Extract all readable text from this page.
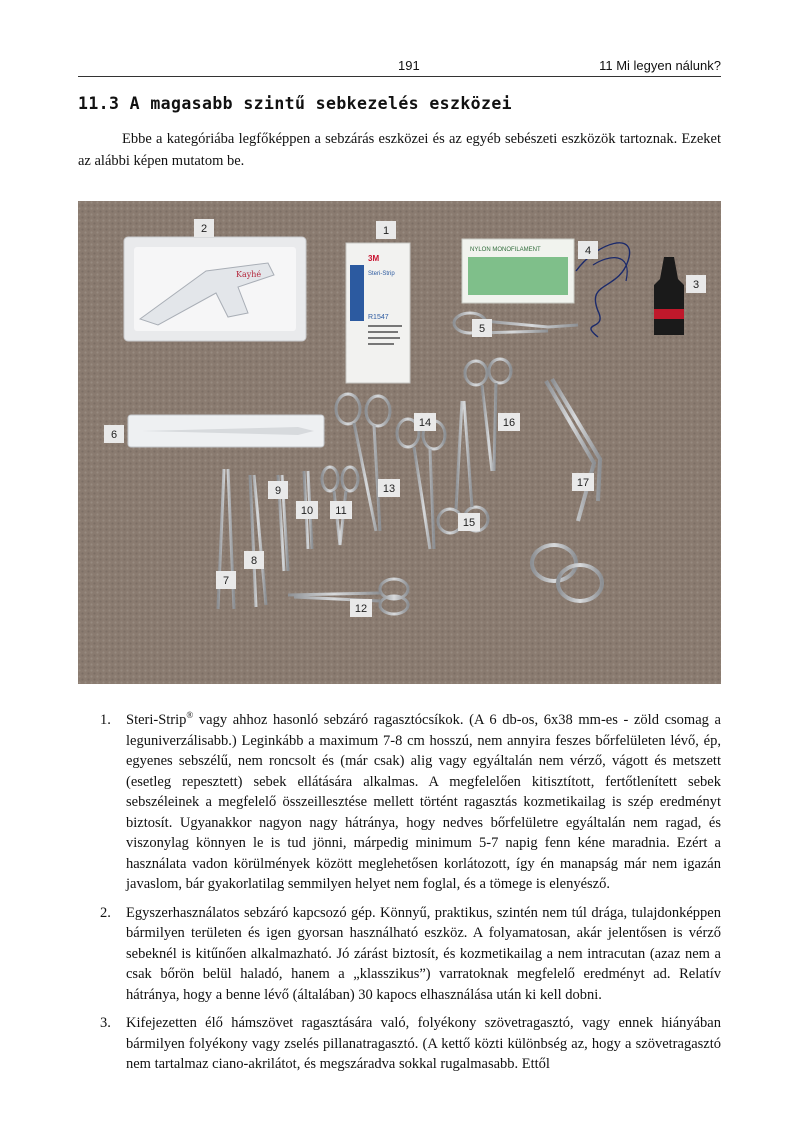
191	11 Mi legyen nálunk?
11.3 A magasabb szintű sebkezelés eszközei

Ebbe a kategóriába legfőképpen a sebzárás eszközei és az egyéb sebészeti eszközök tartoznak. Ezeket az alábbi képen mutatom be.

Kayhé
3M
Steri-Strip
R1547
NYLON MONOFILAMENT
1
2
3
4
5
6
7
8
9
10 11
12
13
14
15
16
17
1. Steri-Strip® vagy ahhoz hasonló sebzáró ragasztócsíkok. (A 6 db-os, 6x38 mm-es - zöld csomag a leguniverzálisabb.) Leginkább a maximum 7-8 cm hosszú, nem annyira feszes bőrfelületen lévő, ép, egyenes sebszélű, nem roncsolt és (már csak) alig vagy egyáltalán nem vérző, vágott és metszett (esetleg repesztett) sebek ellátására alkalmas. A megfelelően kitisztított, fertőtlenített sebek sebszéleinek a megfelelő összeillesztése mellett történt ragasztás kozmetikailag is szép eredményt biztosít. Ugyanakkor nagyon nagy hátránya, hogy nedves bőrfelületre egyáltalán nem ragad, és viszonylag könnyen le is tud jönni, márpedig minimum 5-7 napig fenn kéne maradnia. Ezért a használata vadon körülmények között meglehetősen korlátozott, így én manapság már nem igazán javaslom, bár gyakorlatilag semmilyen helyet nem foglal, és a tömege is elenyésző.
2. Egyszerhasználatos sebzáró kapcsozó gép. Könnyű, praktikus, szintén nem túl drága, tulajdonképpen bármilyen területen és igen gyorsan használható eszköz. A folyamatosan, akár jelentősen is vérző sebeknél is kitűnően alkalmazható. Jó zárást biztosít, és kozmetikailag a nem intracutan (azaz nem a csak bőrön belül haladó, hanem a „klasszikus”) varratoknak megfelelő eredményt ad. Relatív hátránya, hogy a benne lévő (általában) 30 kapocs elhasználása után ki kell dobni.
3. Kifejezetten élő hámszövet ragasztására való, folyékony szövetragasztó, vagy ennek hiányában bármilyen folyékony vagy zselés pillanatragasztó. (A kettő közti különbség az, hogy a szövetragasztó nem tartalmaz ciano-akrilátot, és megszáradva sokkal rugalmasabb. Ettől
